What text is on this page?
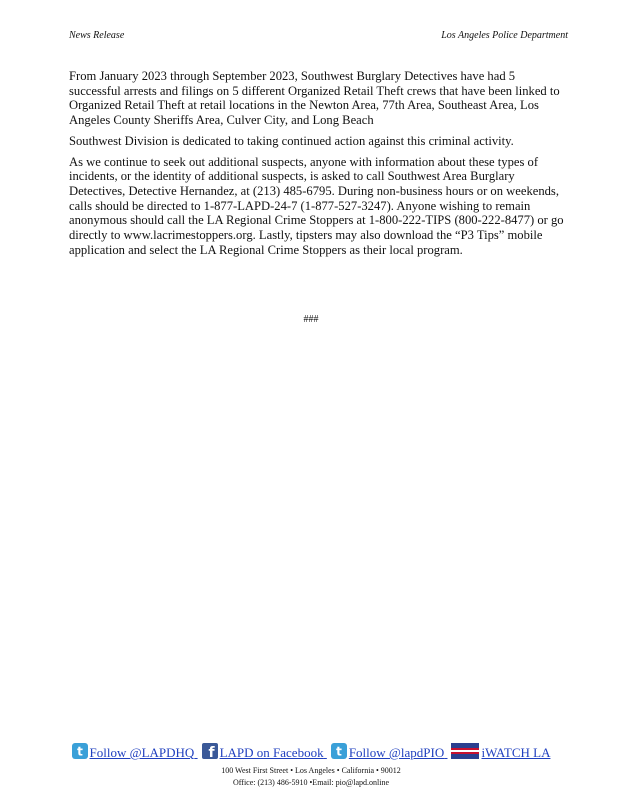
News Release	Los Angeles Police Department

From January 2023 through September 2023, Southwest Burglary Detectives have had 5 successful arrests and filings on 5 different Organized Retail Theft crews that have been linked to Organized Retail Theft at retail locations in the Newton Area, 77th Area, Southeast Area, Los Angeles County Sheriffs Area, Culver City, and Long Beach

Southwest Division is dedicated to taking continued action against this criminal activity.

As we continue to seek out additional suspects, anyone with information about these types of incidents, or the identity of additional suspects, is asked to call Southwest Area Burglary Detectives, Detective Hernandez, at (213) 485-6795. During non-business hours or on weekends, calls should be directed to 1-877-LAPD-24-7 (1-877-527-3247). Anyone wishing to remain anonymous should call the LA Regional Crime Stoppers at 1-800-222-TIPS (800-222-8477) or go directly to www.lacrimestoppers.org. Lastly, tipsters may also download the “P3 Tips” mobile application and select the LA Regional Crime Stoppers as their local program.

###
t Follow @LAPDHQ f LAPD on Facebook t Follow @lapdPIO	iWATCH LA
100 West First Street • Los Angeles • California • 90012
Office: (213) 486-5910 •Email: pio@lapd.online
